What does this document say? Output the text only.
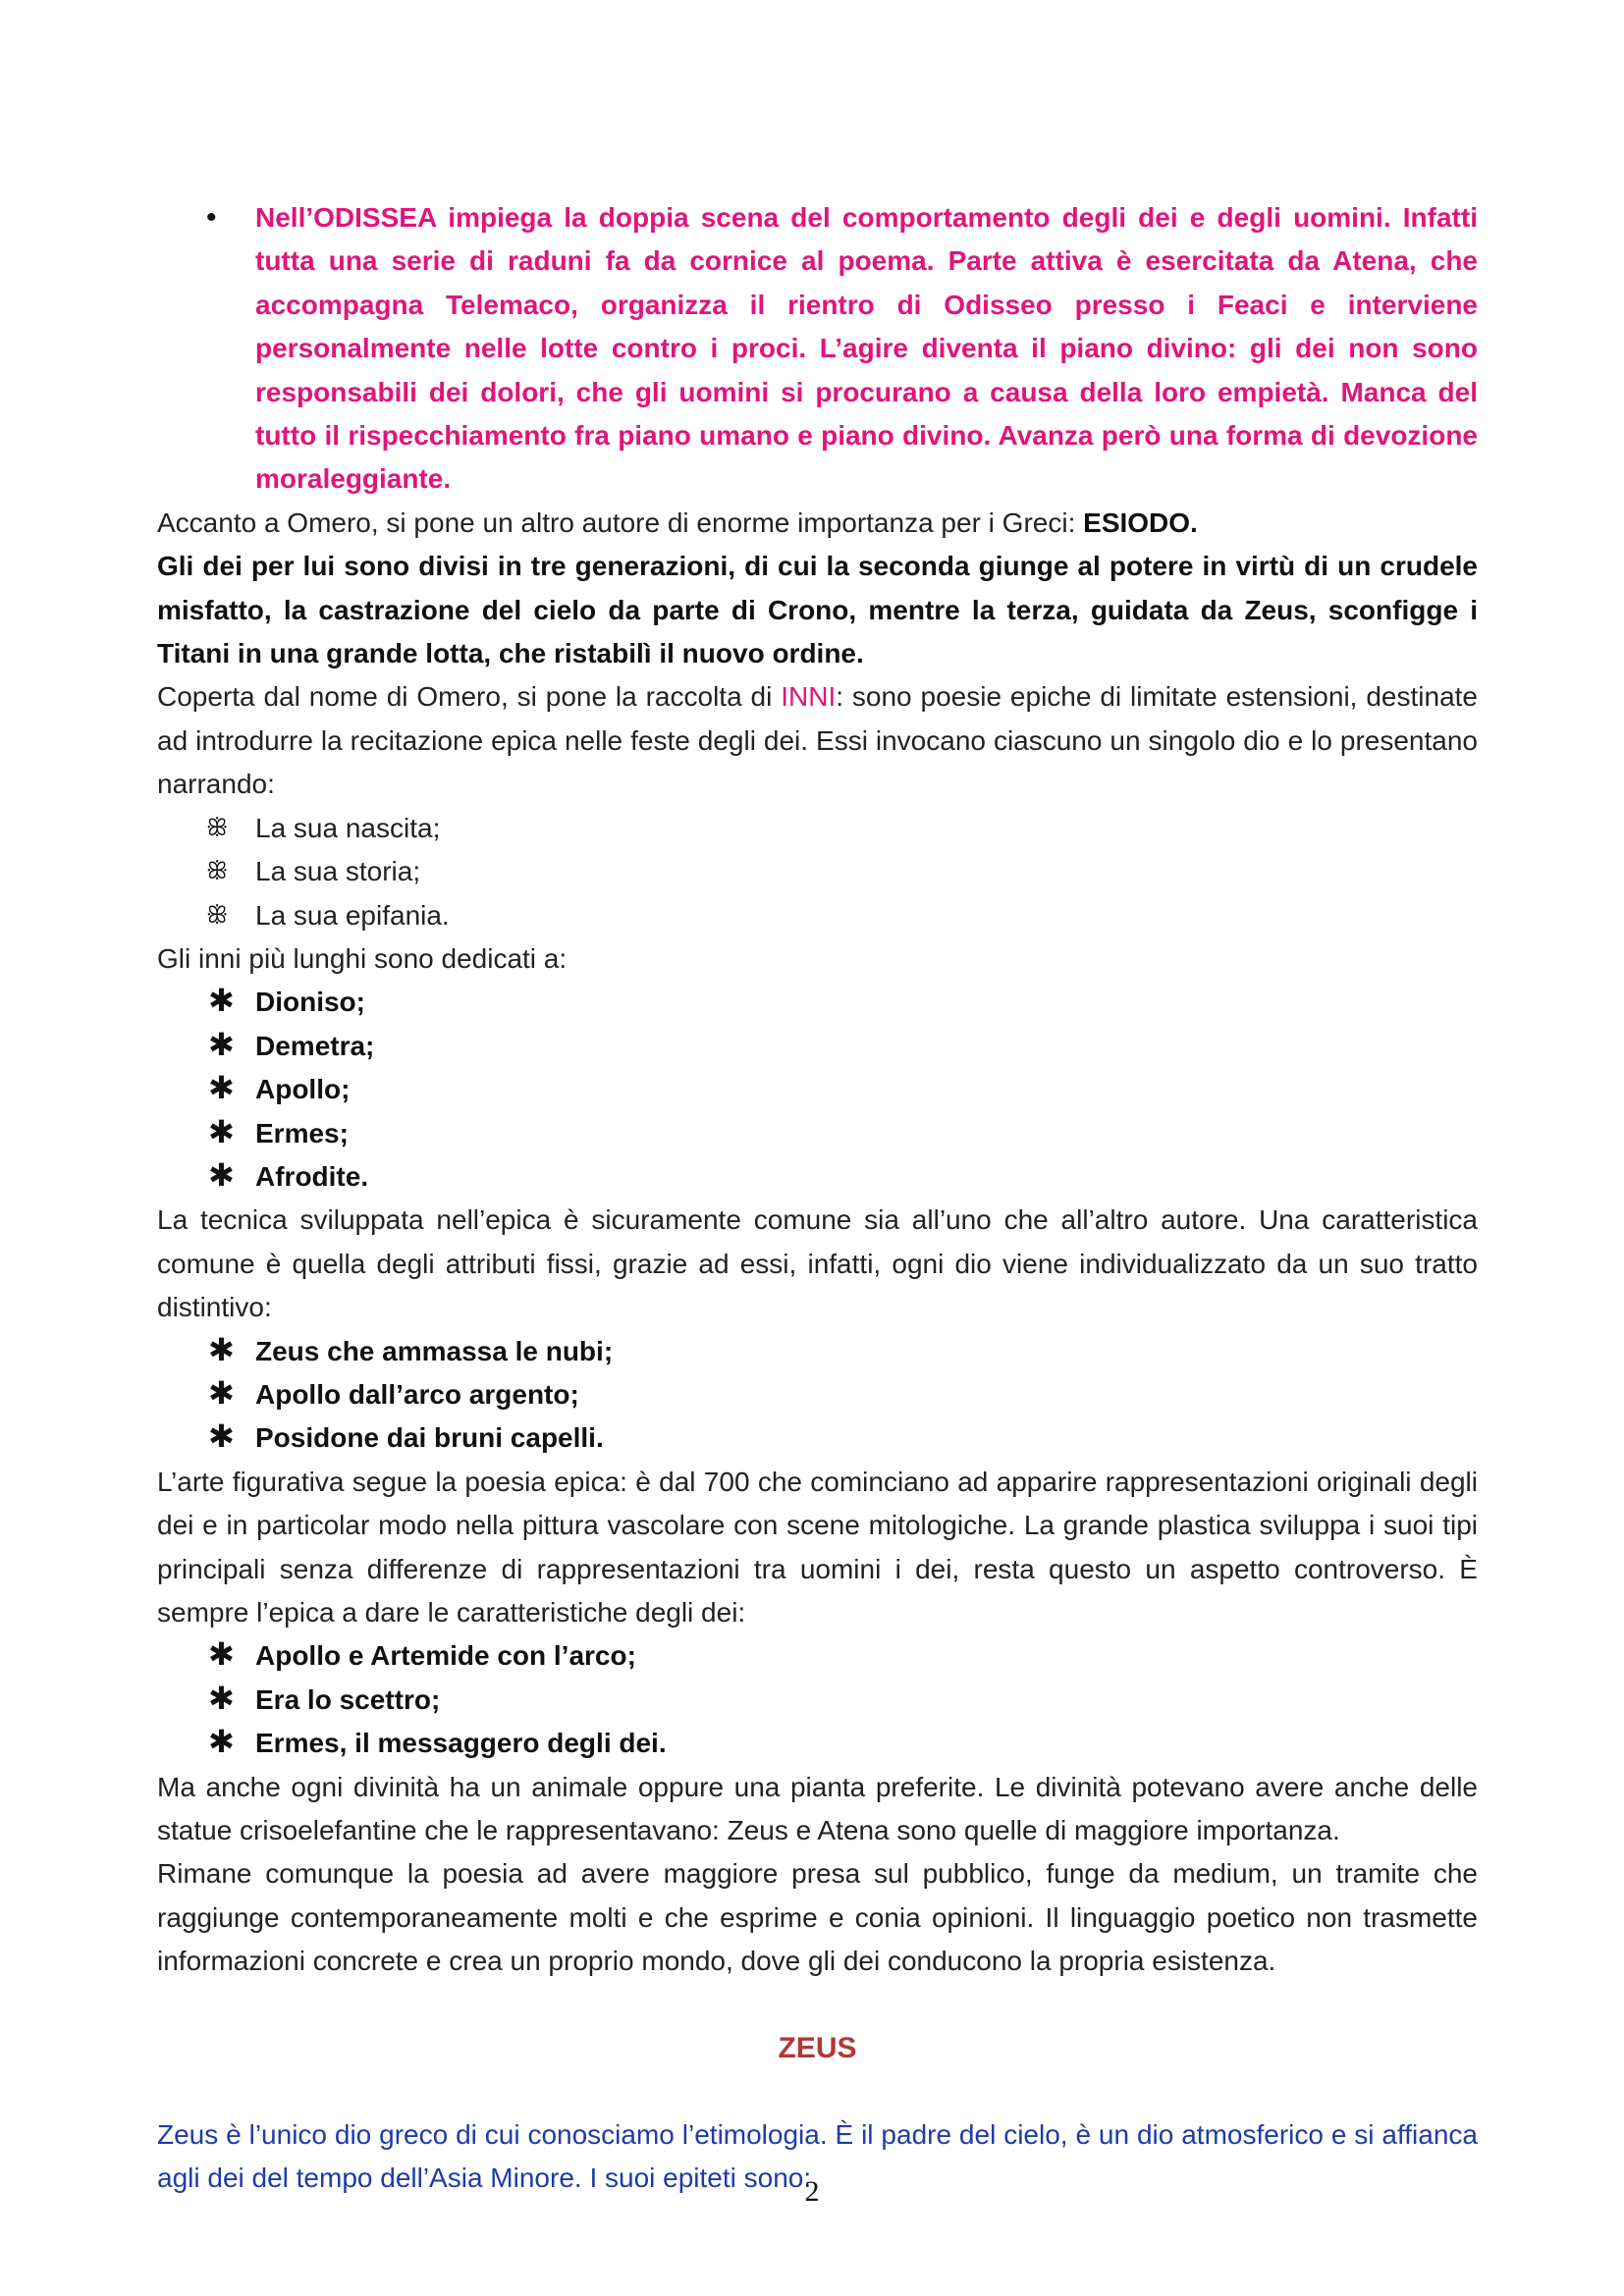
• Nell’ODISSEA impiega la doppia scena del comportamento degli dei e degli uomini. Infatti tutta una serie di raduni fa da cornice al poema. Parte attiva è esercitata da Atena, che accompagna Telemaco, organizza il rientro di Odisseo presso i Feaci e interviene personalmente nelle lotte contro i proci. L’agire diventa il piano divino: gli dei non sono responsabili dei dolori, che gli uomini si procurano a causa della loro empietà. Manca del tutto il rispecchiamento fra piano umano e piano divino. Avanza però una forma di devozione moraleggiante.

Accanto a Omero, si pone un altro autore di enorme importanza per i Greci: ESIODO.

Gli dei per lui sono divisi in tre generazioni, di cui la seconda giunge al potere in virtù di un crudele misfatto, la castrazione del cielo da parte di Crono, mentre la terza, guidata da Zeus, sconfigge i Titani in una grande lotta, che ristabilì il nuovo ordine.

Coperta dal nome di Omero, si pone la raccolta di INNI: sono poesie epiche di limitate estensioni, destinate ad introdurre la recitazione epica nelle feste degli dei. Essi invocano ciascuno un singolo dio e lo presentano narrando:

ꕥ La sua nascita;
ꕥ La sua storia;
ꕥ La sua epifania.

Gli inni più lunghi sono dedicati a:

✱ Dioniso;
✱ Demetra;
✱ Apollo;
✱ Ermes;
✱ Afrodite.

La tecnica sviluppata nell’epica è sicuramente comune sia all’uno che all’altro autore. Una caratteristica comune è quella degli attributi fissi, grazie ad essi, infatti, ogni dio viene individualizzato da un suo tratto distintivo:

✱ Zeus che ammassa le nubi;
✱ Apollo dall’arco argento;
✱ Posidone dai bruni capelli.

L’arte figurativa segue la poesia epica: è dal 700 che cominciano ad apparire rappresentazioni originali degli dei e in particolar modo nella pittura vascolare con scene mitologiche. La grande plastica sviluppa i suoi tipi principali senza differenze di rappresentazioni tra uomini i dei, resta questo un aspetto controverso. È sempre l’epica a dare le caratteristiche degli dei:

✱ Apollo e Artemide con l’arco;
✱ Era lo scettro;
✱ Ermes, il messaggero degli dei.

Ma anche ogni divinità ha un animale oppure una pianta preferite. Le divinità potevano avere anche delle statue crisoelefantine che le rappresentavano: Zeus e Atena sono quelle di maggiore importanza.

Rimane comunque la poesia ad avere maggiore presa sul pubblico, funge da medium, un tramite che raggiunge contemporaneamente molti e che esprime e conia opinioni. Il linguaggio poetico non trasmette informazioni concrete e crea un proprio mondo, dove gli dei conducono la propria esistenza.

ZEUS

Zeus è l’unico dio greco di cui conosciamo l’etimologia. È il padre del cielo, è un dio atmosferico e si affianca agli dei del tempo dell’Asia Minore. I suoi epiteti sono:

2
